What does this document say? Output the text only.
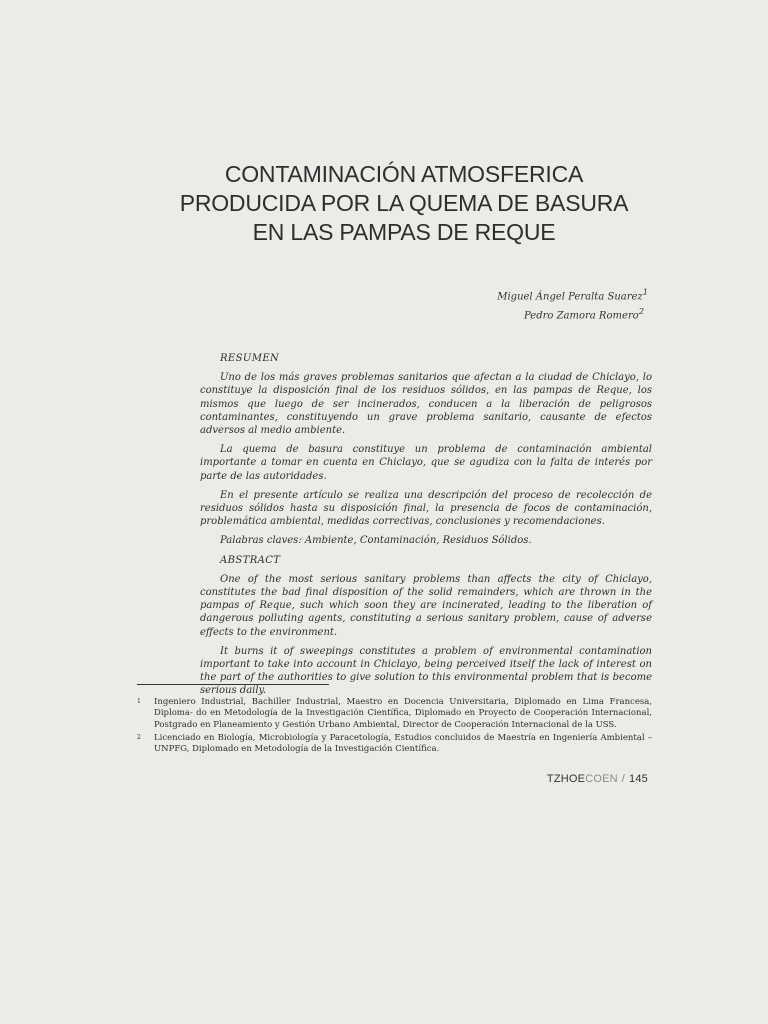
CONTAMINACIÓN ATMOSFERICA
PRODUCIDA POR LA QUEMA DE BASURA
EN LAS PAMPAS DE REQUE
Miguel Ángel Peralta Suarez$^1$
Pedro Zamora Romero$^2$

RESUMEN

Uno de los más graves problemas sanitarios que afectan a la ciudad de Chiclayo, lo constituye la disposición final de los residuos sólidos, en las pampas de Reque, los mismos que luego de ser incinerados, conducen a la liberación de peligrosos contaminantes, constituyendo un grave problema sanitario, causante de efectos adversos al medio ambiente.

La quema de basura constituye un problema de contaminación ambiental importante a tomar en cuenta en Chiclayo, que se agudiza con la falta de interés por parte de las autoridades.

En el presente artículo se realiza una descripción del proceso de recolección de residuos sólidos hasta su disposición final, la presencia de focos de contaminación, problemática ambiental, medidas correctivas, conclusiones y recomendaciones.

Palabras claves: Ambiente, Contaminación, Residuos Sólidos.

ABSTRACT

One of the most serious sanitary problems than affects the city of Chiclayo, constitutes the bad final disposition of the solid remainders, which are thrown in the pampas of Reque, such which soon they are incinerated, leading to the liberation of dangerous polluting agents, constituting a serious sanitary problem, cause of adverse effects to the environment.

It burns it of sweepings constitutes a problem of environmental contamination important to take into account in Chiclayo, being perceived itself the lack of interest on the part of the authorities to give solution to this environmental problem that is become serious daily.

1	Ingeniero Industrial, Bachiller Industrial, Maestro en Docencia Universitaria, Diplomado en Lima Francesa, Diploma- do en Metodología de la Investigación Científica, Diplomado en Proyecto de Cooperación Internacional, Postgrado en Planeamiento y Gestión Urbano Ambiental, Director de Cooperación Internacional de la USS.
2	Licenciado en Biología, Microbiología y Paracetología, Estudios concluidos de Maestría en Ingeniería Ambiental – UNPFG, Diplomado en Metodología de la Investigación Científica.
TZHOECOEN / 145
